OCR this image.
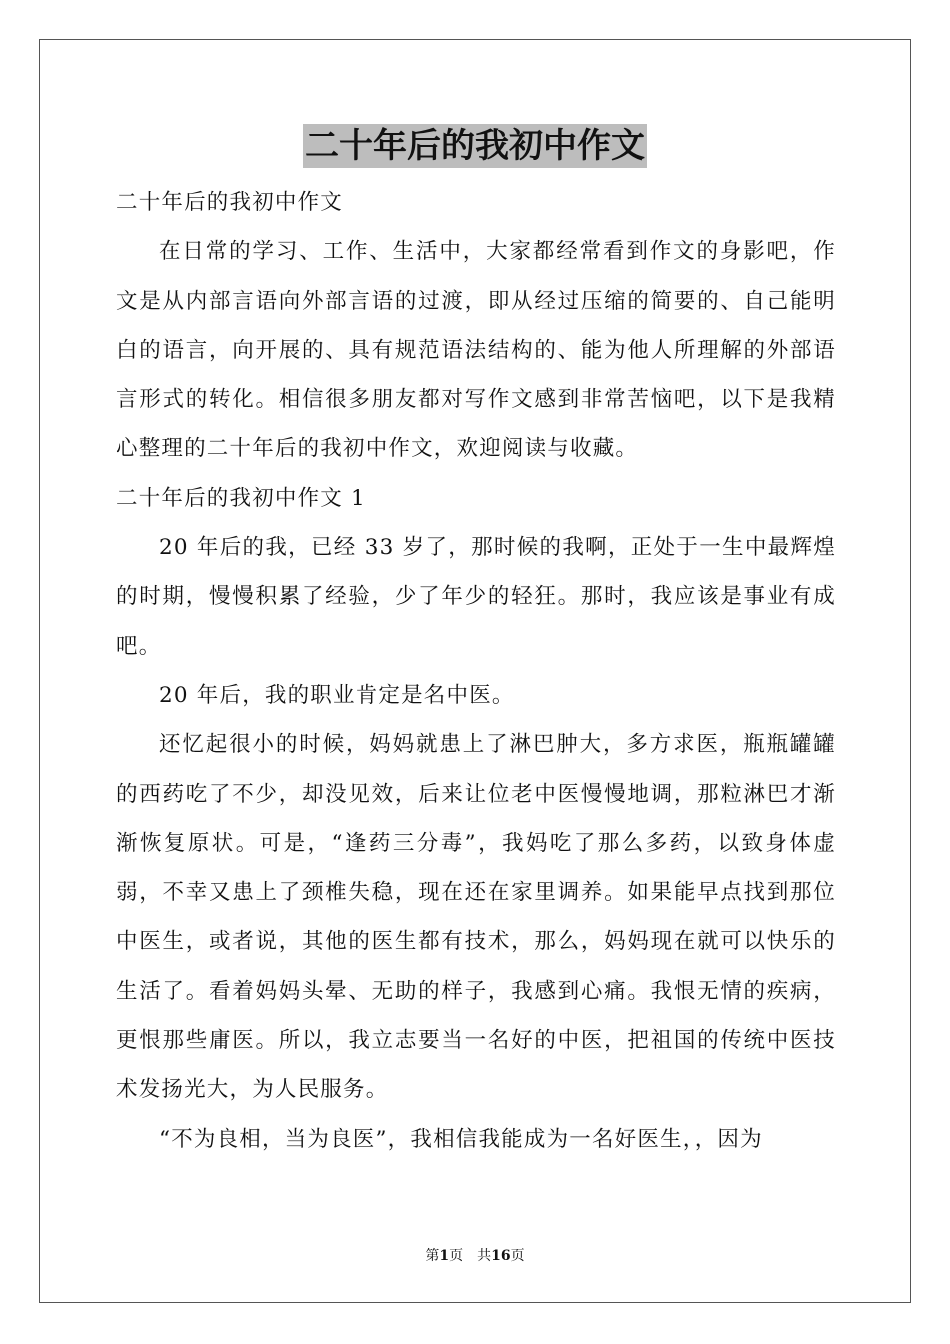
二十年后的我初中作文

二十年后的我初中作文

在日常的学习、工作、生活中，大家都经常看到作文的身影吧，作文是从内部言语向外部言语的过渡，即从经过压缩的简要的、自己能明白的语言，向开展的、具有规范语法结构的、能为他人所理解的外部语言形式的转化。相信很多朋友都对写作文感到非常苦恼吧，以下是我精心整理的二十年后的我初中作文，欢迎阅读与收藏。

二十年后的我初中作文 1

20 年后的我，已经 33 岁了，那时候的我啊，正处于一生中最辉煌的时期，慢慢积累了经验，少了年少的轻狂。那时，我应该是事业有成吧。

20 年后，我的职业肯定是名中医。

还忆起很小的时候，妈妈就患上了淋巴肿大，多方求医，瓶瓶罐罐的西药吃了不少，却没见效，后来让位老中医慢慢地调，那粒淋巴才渐渐恢复原状。可是，“逢药三分毒”，我妈吃了那么多药，以致身体虚弱，不幸又患上了颈椎失稳，现在还在家里调养。如果能早点找到那位中医生，或者说，其他的医生都有技术，那么，妈妈现在就可以快乐的生活了。看着妈妈头晕、无助的样子，我感到心痛。我恨无情的疾病，更恨那些庸医。所以，我立志要当一名好的中医，把祖国的传统中医技术发扬光大，为人民服务。

“不为良相，当为良医”，我相信我能成为一名好医生，，因为

第1页　共16页
